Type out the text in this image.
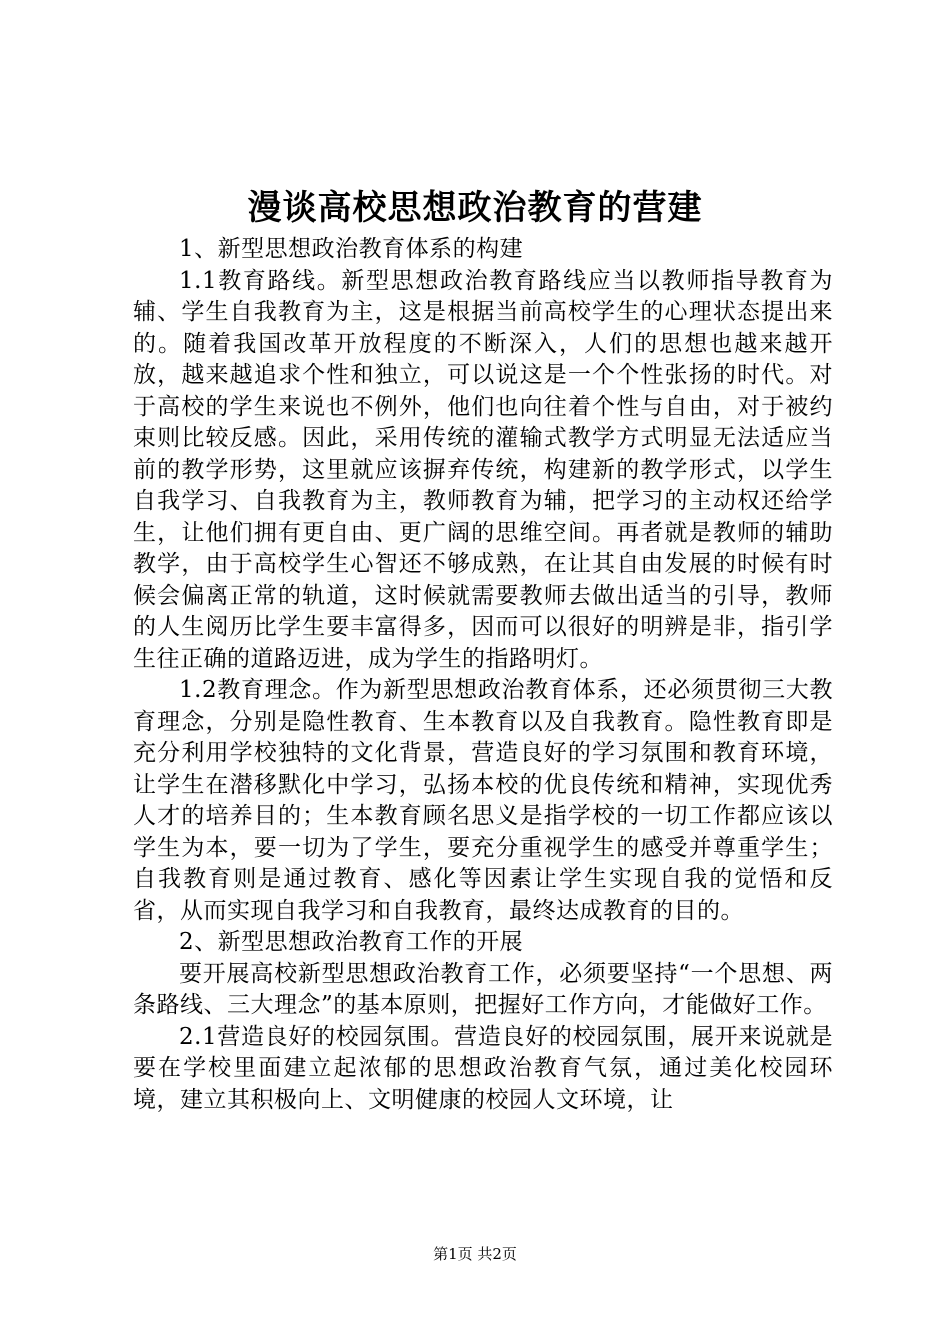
漫谈高校思想政治教育的营建

1、新型思想政治教育体系的构建

1.1教育路线。新型思想政治教育路线应当以教师指导教育为辅、学生自我教育为主，这是根据当前高校学生的心理状态提出来的。随着我国改革开放程度的不断深入，人们的思想也越来越开放，越来越追求个性和独立，可以说这是一个个性张扬的时代。对于高校的学生来说也不例外，他们也向往着个性与自由，对于被约束则比较反感。因此，采用传统的灌输式教学方式明显无法适应当前的教学形势，这里就应该摒弃传统，构建新的教学形式，以学生自我学习、自我教育为主，教师教育为辅，把学习的主动权还给学生，让他们拥有更自由、更广阔的思维空间。再者就是教师的辅助教学，由于高校学生心智还不够成熟，在让其自由发展的时候有时候会偏离正常的轨道，这时候就需要教师去做出适当的引导，教师的人生阅历比学生要丰富得多，因而可以很好的明辨是非，指引学生往正确的道路迈进，成为学生的指路明灯。

1.2教育理念。作为新型思想政治教育体系，还必须贯彻三大教育理念，分别是隐性教育、生本教育以及自我教育。隐性教育即是充分利用学校独特的文化背景，营造良好的学习氛围和教育环境，让学生在潜移默化中学习，弘扬本校的优良传统和精神，实现优秀人才的培养目的；生本教育顾名思义是指学校的一切工作都应该以学生为本，要一切为了学生，要充分重视学生的感受并尊重学生；自我教育则是通过教育、感化等因素让学生实现自我的觉悟和反省，从而实现自我学习和自我教育，最终达成教育的目的。

2、新型思想政治教育工作的开展

要开展高校新型思想政治教育工作，必须要坚持“一个思想、两条路线、三大理念”的基本原则，把握好工作方向，才能做好工作。

2.1营造良好的校园氛围。营造良好的校园氛围，展开来说就是要在学校里面建立起浓郁的思想政治教育气氛，通过美化校园环境，建立其积极向上、文明健康的校园人文环境，让

第1页 共2页
